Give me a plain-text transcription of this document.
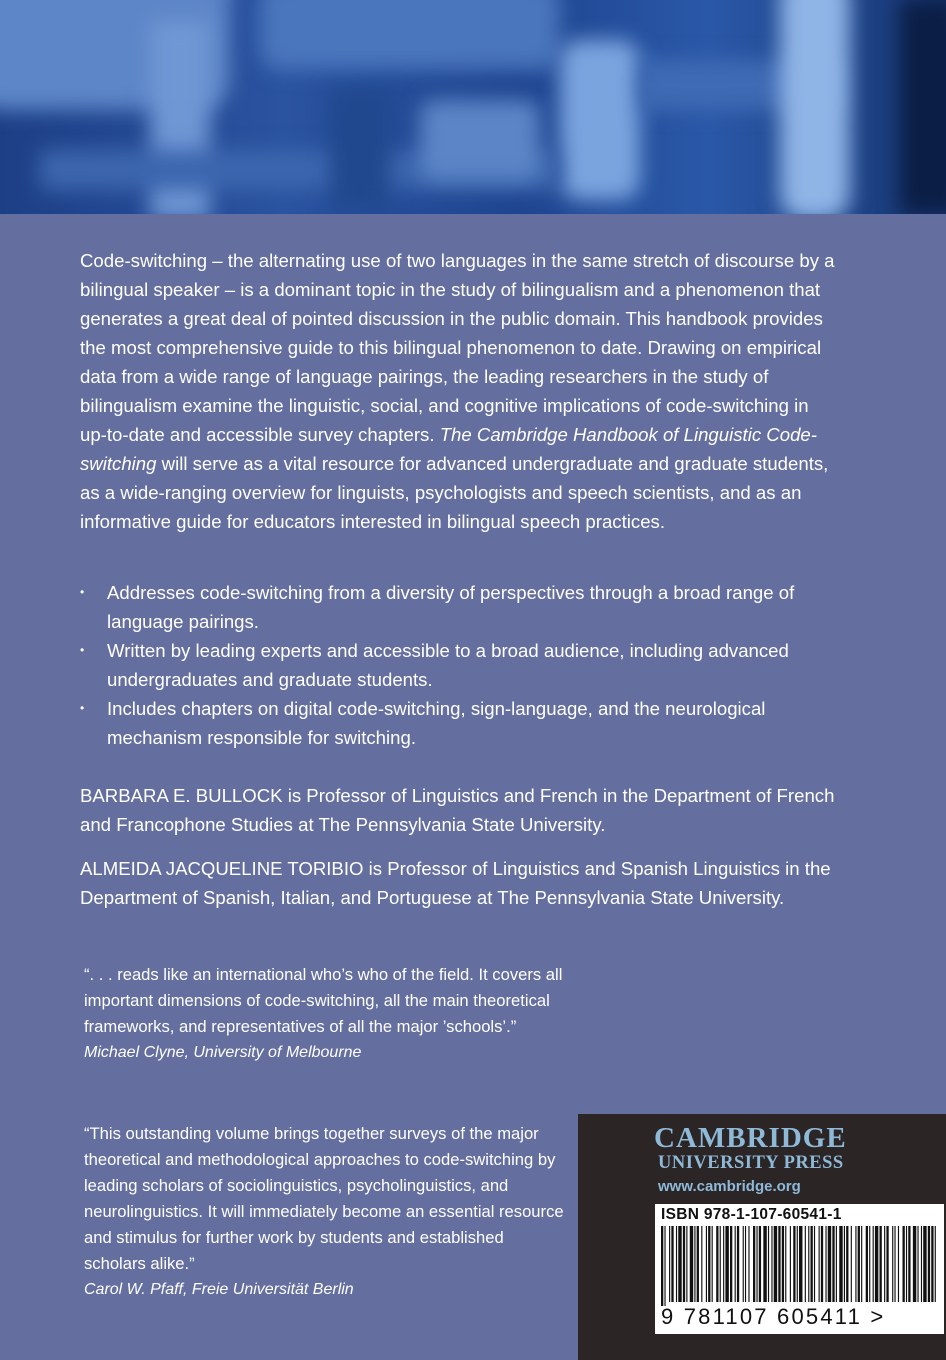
Code-switching – the alternating use of two languages in the same stretch of discourse by a bilingual speaker – is a dominant topic in the study of bilingualism and a phenomenon that generates a great deal of pointed discussion in the public domain. This handbook provides the most comprehensive guide to this bilingual phenomenon to date. Drawing on empirical data from a wide range of language pairings, the leading researchers in the study of bilingualism examine the linguistic, social, and cognitive implications of code-switching in up-to-date and accessible survey chapters. The Cambridge Handbook of Linguistic Code-switching will serve as a vital resource for advanced undergraduate and graduate students, as a wide-ranging overview for linguists, psychologists and speech scientists, and as an informative guide for educators interested in bilingual speech practices.

• Addresses code-switching from a diversity of perspectives through a broad range of language pairings.
• Written by leading experts and accessible to a broad audience, including advanced undergraduates and graduate students.
• Includes chapters on digital code-switching, sign-language, and the neurological mechanism responsible for switching.

BARBARA E. BULLOCK is Professor of Linguistics and French in the Department of French and Francophone Studies at The Pennsylvania State University.

ALMEIDA JACQUELINE TORIBIO is Professor of Linguistics and Spanish Linguistics in the Department of Spanish, Italian, and Portuguese at The Pennsylvania State University.

“. . . reads like an international who’s who of the field. It covers all important dimensions of code-switching, all the main theoretical frameworks, and representatives of all the major ’schools’.”
Michael Clyne, University of Melbourne
“This outstanding volume brings together surveys of the major theoretical and methodological approaches to code-switching by leading scholars of sociolinguistics, psycholinguistics, and neurolinguistics. It will immediately become an essential resource and stimulus for further work by students and established scholars alike.”
Carol W. Pfaff, Freie Universität Berlin
CAMBRIDGE
UNIVERSITY PRESS
www.cambridge.org
ISBN 978-1-107-60541-1
9 781107 605411 >
